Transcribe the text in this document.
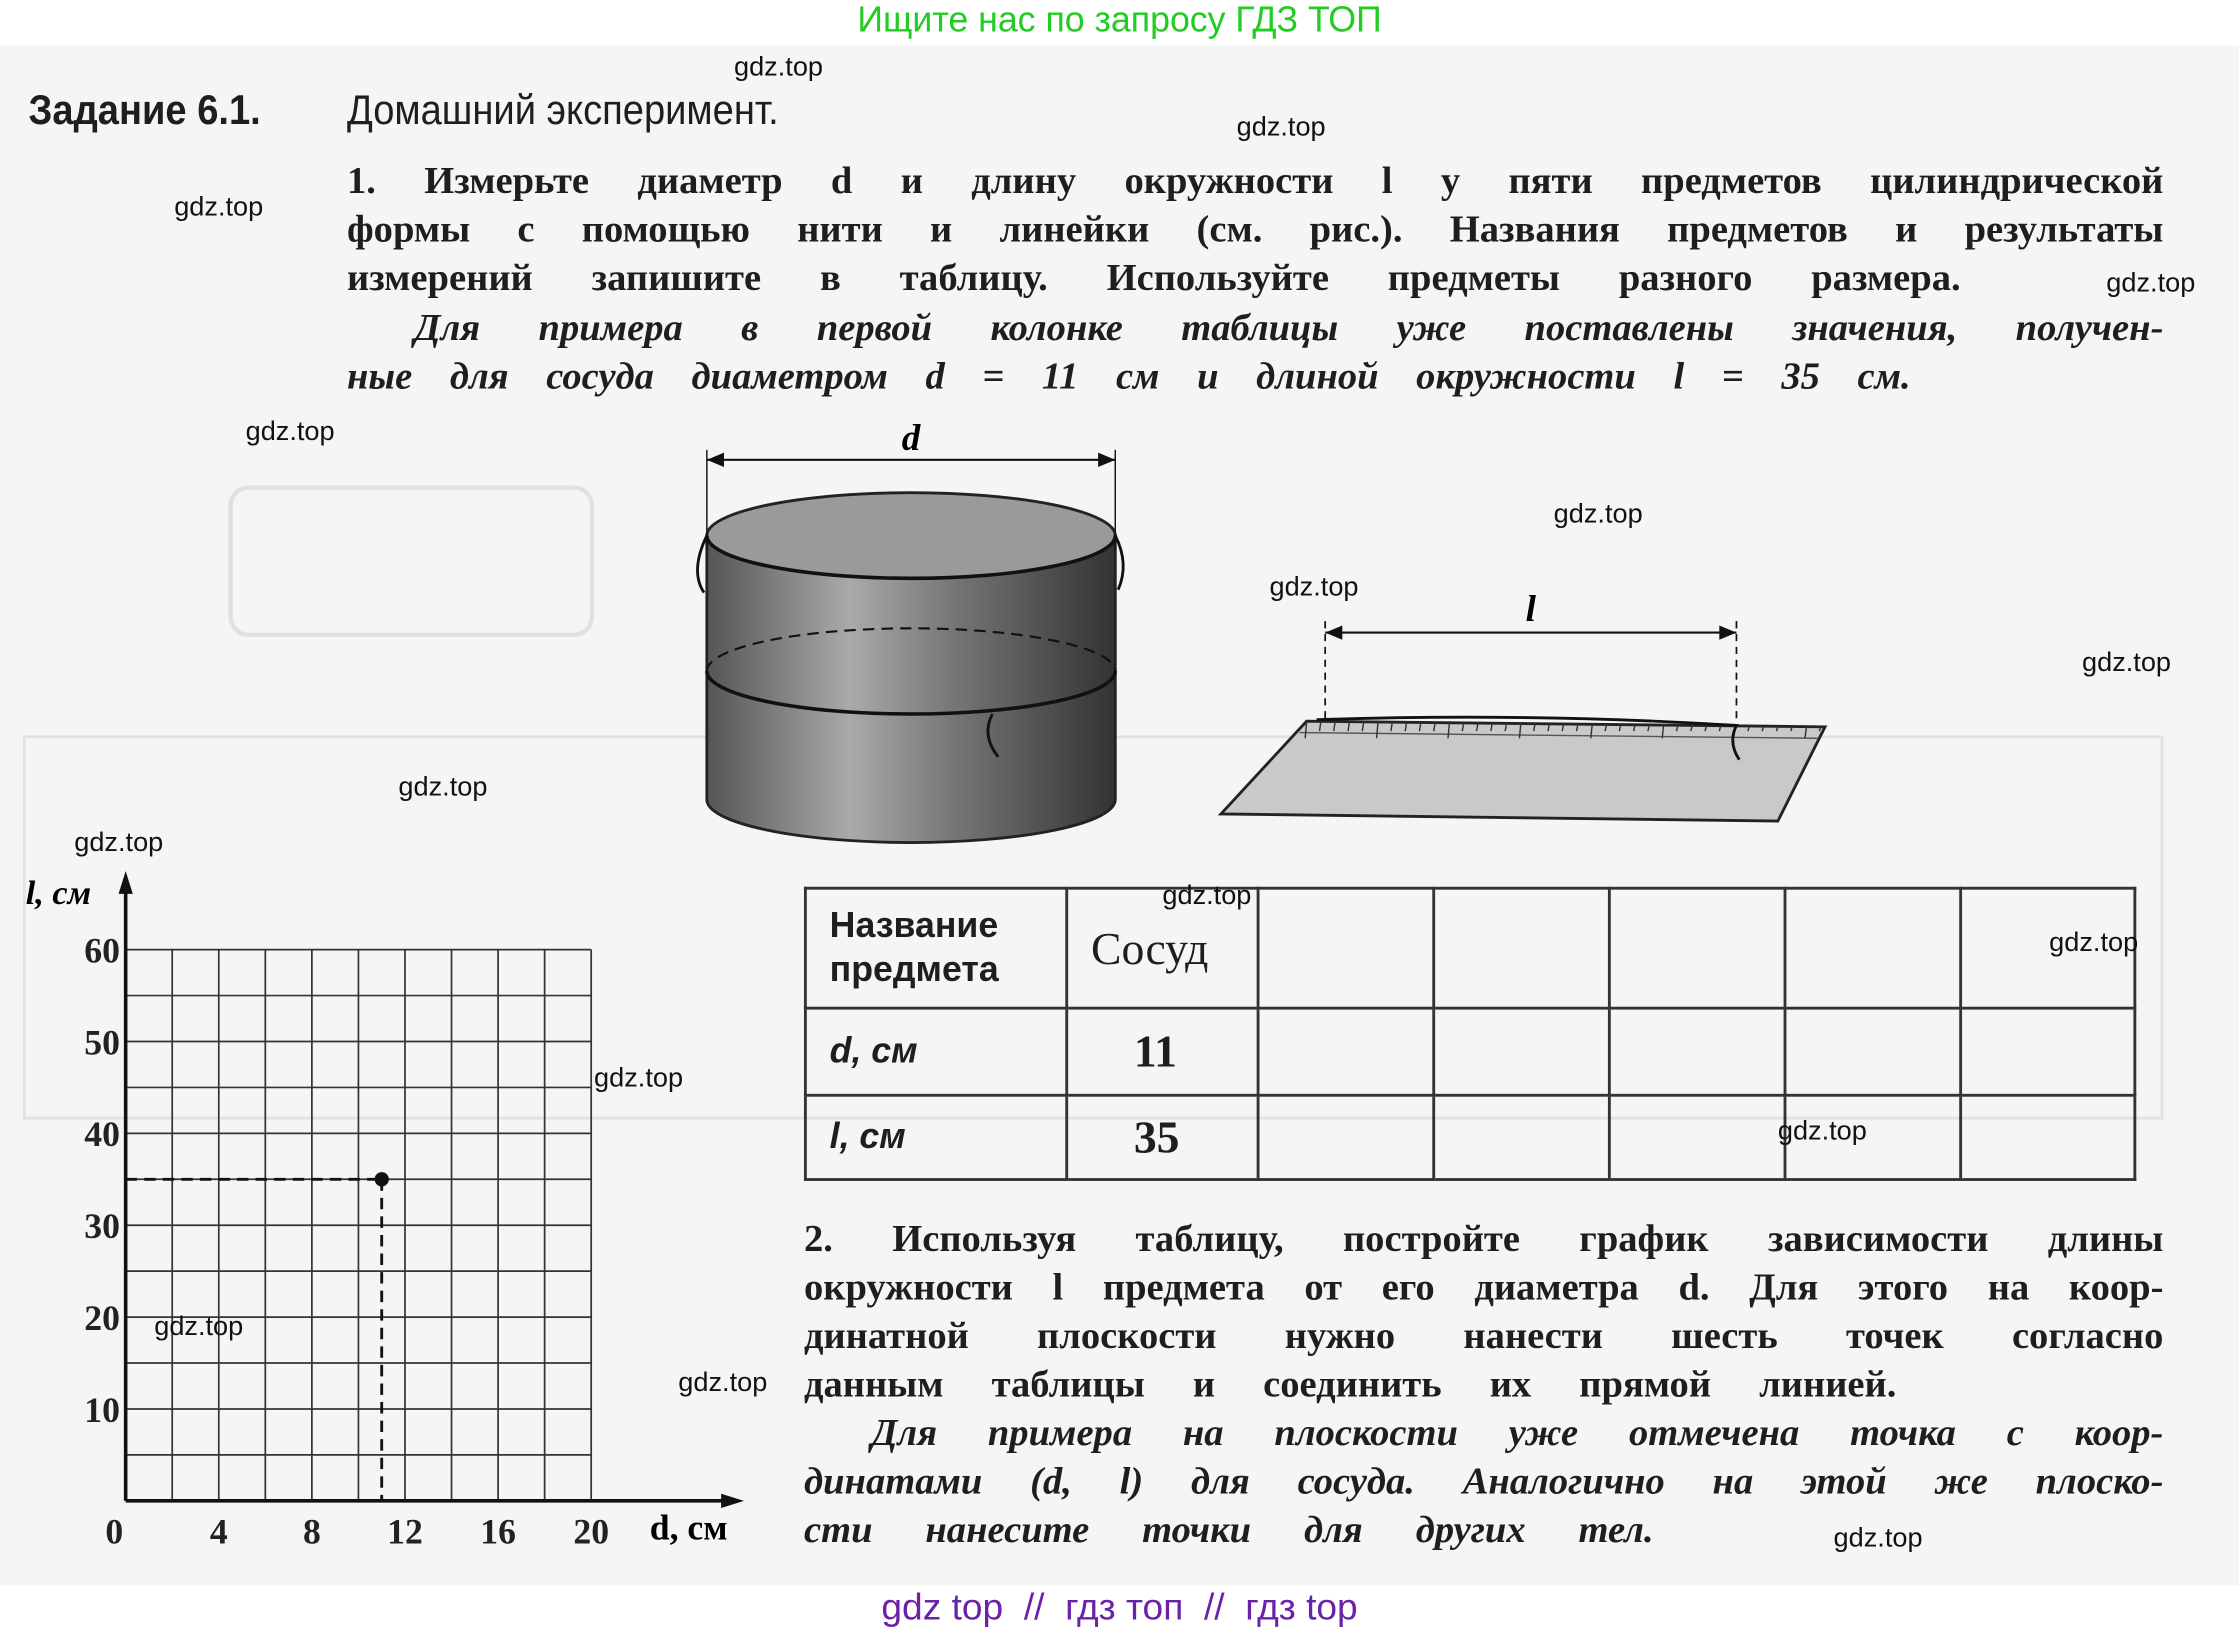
Ищите нас по запросу ГДЗ ТОП
Задание 6.1.	Домашний эксперимент.
1. Измерьте диаметр d и длину окружности l у пяти предметов цилиндрической
формы с помощью нити и линейки (см. рис.). Названия предметов и результаты
измерений запишите в таблицу. Используйте предметы разного размера.
Для примера в первой колонке таблицы уже поставлены значения, получен-
ные для сосуда диаметром d = 11 см и длиной окружности l = 35 см.
d
l
0	4	8	12 16 20
10
20
30
40
50
60
l, см
d, см
Название предмета	Сосуд					
d, см	11					
l, см	35					
2. Используя таблицу, постройте график зависимости длины
окружности l предмета от его диаметра d. Для этого на коор-
динатной плоскости нужно нанести шесть точек согласно
данным таблицы и соединить их прямой линией.
Для примера на плоскости уже отмечена точка с коор-
динатами (d, l) для сосуда. Аналогично на этой же плоско-
сти нанесите точки для других тел.
gdz.top
gdz.top
gdz.top
gdz.top
gdz.top
gdz.top
gdz.top
gdz.top
gdz.top
gdz.top
gdz.top
gdz.top
gdz.top
gdz.top
gdz.top
gdz.top
gdz.top
gdz top  //  гдз топ  //  гдз top
